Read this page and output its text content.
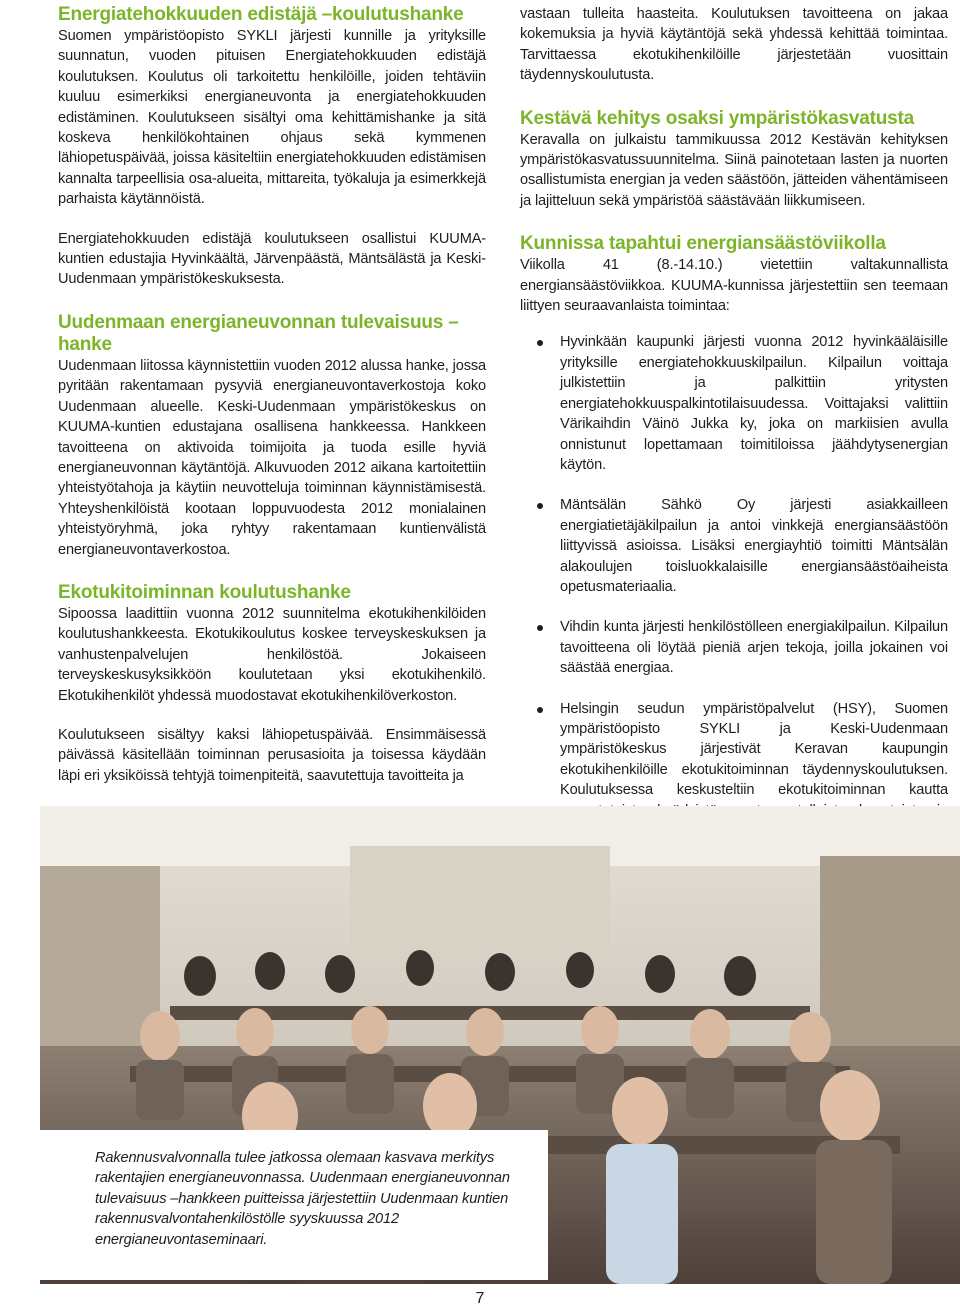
Energiatehokkuuden edistäjä –koulutushanke

Suomen ympäristöopisto SYKLI järjesti kunnille ja yrityksille suunnatun, vuoden pituisen Energiatehokkuuden edistäjä koulutuksen. Koulutus oli tarkoitettu henkilöille, joiden tehtäviin kuuluu esimerkiksi energianeuvonta ja energiatehokkuuden edistäminen. Koulutukseen sisältyi oma kehittämishanke ja sitä koskeva henkilökohtainen ohjaus sekä kymmenen lähiopetuspäivää, joissa käsiteltiin energiatehokkuuden edistämisen kannalta tarpeellisia osa-alueita, mittareita, työkaluja ja esimerkkejä parhaista käytännöistä.

Energiatehokkuuden edistäjä koulutukseen osallistui KUUMA-kuntien edustajia Hyvinkäältä, Järvenpäästä, Mäntsälästä ja Keski-Uudenmaan ympäristökeskuksesta.

Uudenmaan energianeuvonnan tulevaisuus –hanke

Uudenmaan liitossa käynnistettiin vuoden 2012 alussa hanke, jossa pyritään rakentamaan pysyviä energianeuvontaverkostoja koko Uudenmaan alueelle. Keski-Uudenmaan ympäristökeskus on KUUMA-kuntien edustajana osallisena hankkeessa. Hankkeen tavoitteena on aktivoida toimijoita ja tuoda esille hyviä energianeuvonnan käytäntöjä. Alkuvuoden 2012 aikana kartoitettiin yhteistyötahoja ja käytiin neuvotteluja toiminnan käynnistämisestä. Yhteyshenkilöistä kootaan loppuvuodesta 2012 monialainen yhteistyöryhmä, joka ryhtyy rakentamaan kuntienvälistä energianeuvontaverkostoa.

Ekotukitoiminnan koulutushanke

Sipoossa laadittiin vuonna 2012 suunnitelma ekotukihenkilöiden koulutushankkeesta. Ekotukikoulutus koskee terveyskeskuksen ja vanhustenpalvelujen henkilöstöä. Jokaiseen terveyskeskusyksikköön koulutetaan yksi ekotukihenkilö. Ekotukihenkilöt yhdessä muodostavat ekotukihenkilöverkoston.

Koulutukseen sisältyy kaksi lähiopetuspäivää. Ensimmäisessä päivässä käsitellään toiminnan perusasioita ja toisessa käydään läpi eri yksiköissä tehtyjä toimenpiteitä, saavutettuja tavoitteita ja

vastaan tulleita haasteita. Koulutuksen tavoitteena on jakaa kokemuksia ja hyviä käytäntöjä sekä yhdessä kehittää toimintaa. Tarvittaessa ekotukihenkilöille järjestetään vuosittain täydennyskoulutusta.

Kestävä kehitys osaksi ympäristökasvatusta

Keravalla on julkaistu tammikuussa 2012 Kestävän kehityksen ympäristökasvatussuunnitelma. Siinä painotetaan lasten ja nuorten osallistumista energian ja veden säästöön, jätteiden vähentämiseen ja lajitteluun sekä ympäristöä säästävään liikkumiseen.

Kunnissa tapahtui energiansäästöviikolla

Viikolla 41 (8.-14.10.) vietettiin valtakunnallista energiansäästöviikkoa. KUUMA-kunnissa järjestettiin sen teemaan liittyen seuraavanlaista toimintaa:

Hyvinkään kaupunki järjesti vuonna 2012 hyvinkääläisille yrityksille energiatehokkuuskilpailun. Kilpailun voittaja julkistettiin ja palkittiin yritysten energiatehokkuuspalkintotilaisuudessa. Voittajaksi valittiin Värikaihdin Väinö Jukka ky, joka on markiisien avulla onnistunut lopettamaan toimitiloissa jäähdytysenergian käytön.

Mäntsälän Sähkö Oy järjesti asiakkailleen energiatietäjäkilpailun ja antoi vinkkejä energiansäästöön liittyvissä asioissa. Lisäksi energiayhtiö toimitti Mäntsälän alakoulujen toisluokkalaisille energiansäästöaiheista opetusmateriaalia.

Vihdin kunta järjesti henkilöstölleen energiakilpailun. Kilpailun tavoitteena oli löytää pieniä arjen tekoja, joilla jokainen voi säästää energiaa.

Helsingin seudun ympäristöpalvelut (HSY), Suomen ympäristöopisto SYKLI ja Keski-Uudenmaan ympäristökeskus järjestivät Keravan kaupungin ekotukihenkilöille ekotukitoiminnan täydennyskoulutuksen. Koulutuksessa keskusteltiin ekotukitoiminnan kautta

Rakennusvalvonnalla tulee jatkossa olemaan kasvava merkitys rakentajien energianeuvonnassa. Uudenmaan energianeuvonnan tulevaisuus –hankkeen puitteissa järjestettiin Uudenmaan kuntien rakennusvalvontahenkilöstölle syyskuussa 2012 energianeuvontaseminaari.

7
